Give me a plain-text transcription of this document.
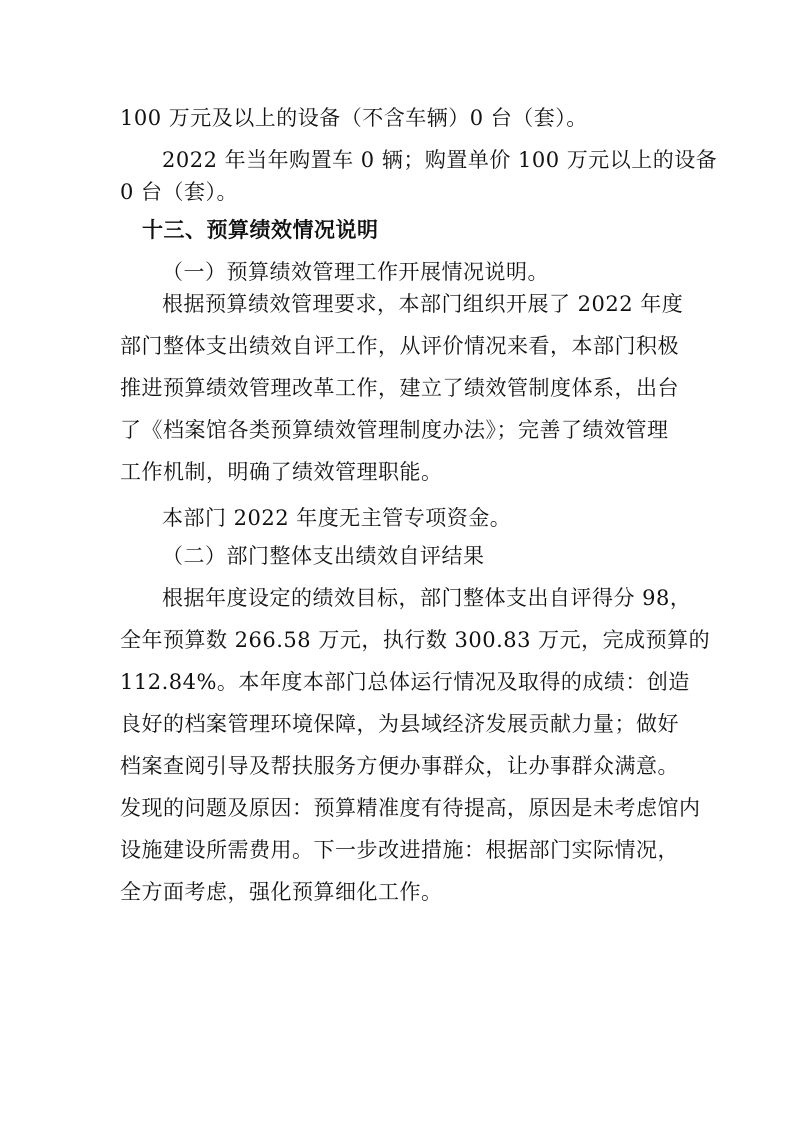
100 万元及以上的设备（不含车辆）0 台（套）。
2022 年当年购置车 0 辆；购置单价 100 万元以上的设备
0 台（套）。
十三、预算绩效情况说明
（一）预算绩效管理工作开展情况说明。
根据预算绩效管理要求，本部门组织开展了 2022 年度
部门整体支出绩效自评工作，从评价情况来看，本部门积极
推进预算绩效管理改革工作，建立了绩效管制度体系，出台
了《档案馆各类预算绩效管理制度办法》；完善了绩效管理
工作机制，明确了绩效管理职能。
本部门 2022 年度无主管专项资金。
（二）部门整体支出绩效自评结果
根据年度设定的绩效目标，部门整体支出自评得分 98，
全年预算数 266.58 万元，执行数 300.83 万元，完成预算的
112.84%。本年度本部门总体运行情况及取得的成绩：创造
良好的档案管理环境保障，为县域经济发展贡献力量；做好
档案查阅引导及帮扶服务方便办事群众，让办事群众满意。
发现的问题及原因：预算精准度有待提高，原因是未考虑馆内
设施建设所需费用。下一步改进措施：根据部门实际情况，
全方面考虑，强化预算细化工作。
